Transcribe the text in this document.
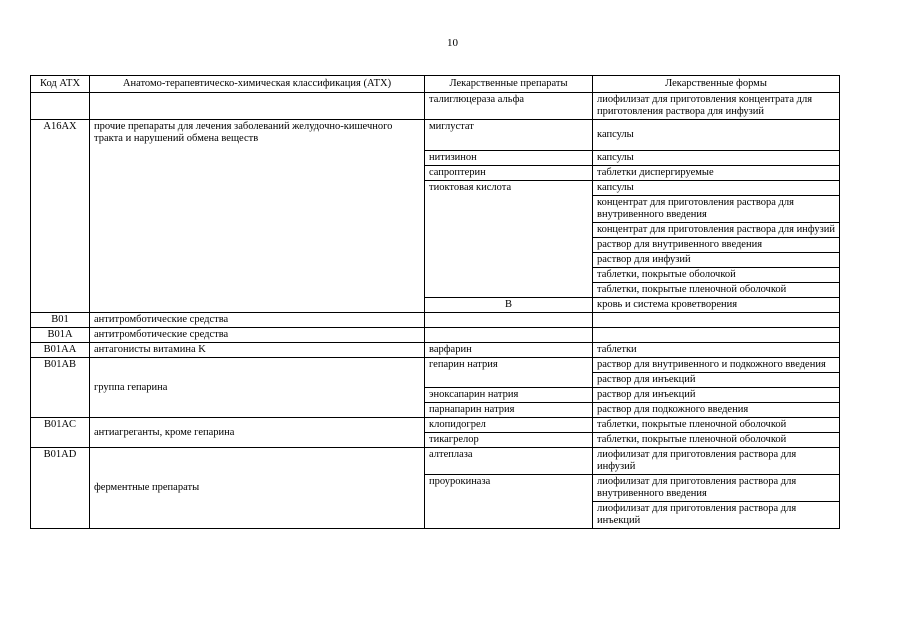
10
Код АТХ	Анатомо-терапевтическо-химическая классификация (АТХ)	Лекарственные препараты	Лекарственные формы	
		талиглюцераза альфа	лиофилизат для приготовления концентрата для приготовления раствора для инфузий	
A16AX	прочие препараты для лечения заболеваний желудочно-кишечного тракта и нарушений обмена веществ	миглустат	капсулы	
		нитизинон	капсулы	
		сапроптерин	таблетки диспергируемые	
		тиоктовая кислота	капсулы	
			концентрат для приготовления раствора для внутривенного введения	
			концентрат для приготовления раствора для инфузий	
			раствор для внутривенного введения	
			раствор для инфузий	
			таблетки, покрытые оболочкой	
			таблетки, покрытые пленочной оболочкой	
		B	кровь и система кроветворения		
B01	антитромботические средства			
B01A	антитромботические средства			
B01AA	антагонисты витамина K	варфарин	таблетки	
B01AB	группа гепарина	гепарин натрия	раствор для внутривенного и подкожного введения	
			раствор для инъекций	
		эноксапарин натрия	раствор для инъекций	
		парнапарин натрия	раствор для подкожного введения	
B01AC	антиагреганты, кроме гепарина	клопидогрел	таблетки, покрытые пленочной оболочкой	
		тикагрелор	таблетки, покрытые пленочной оболочкой	
B01AD	ферментные препараты	алтеплаза	лиофилизат для приготовления раствора для инфузий	
		проурокиназа	лиофилизат для приготовления раствора для внутривенного введения	
			лиофилизат для приготовления раствора для инъекций	
